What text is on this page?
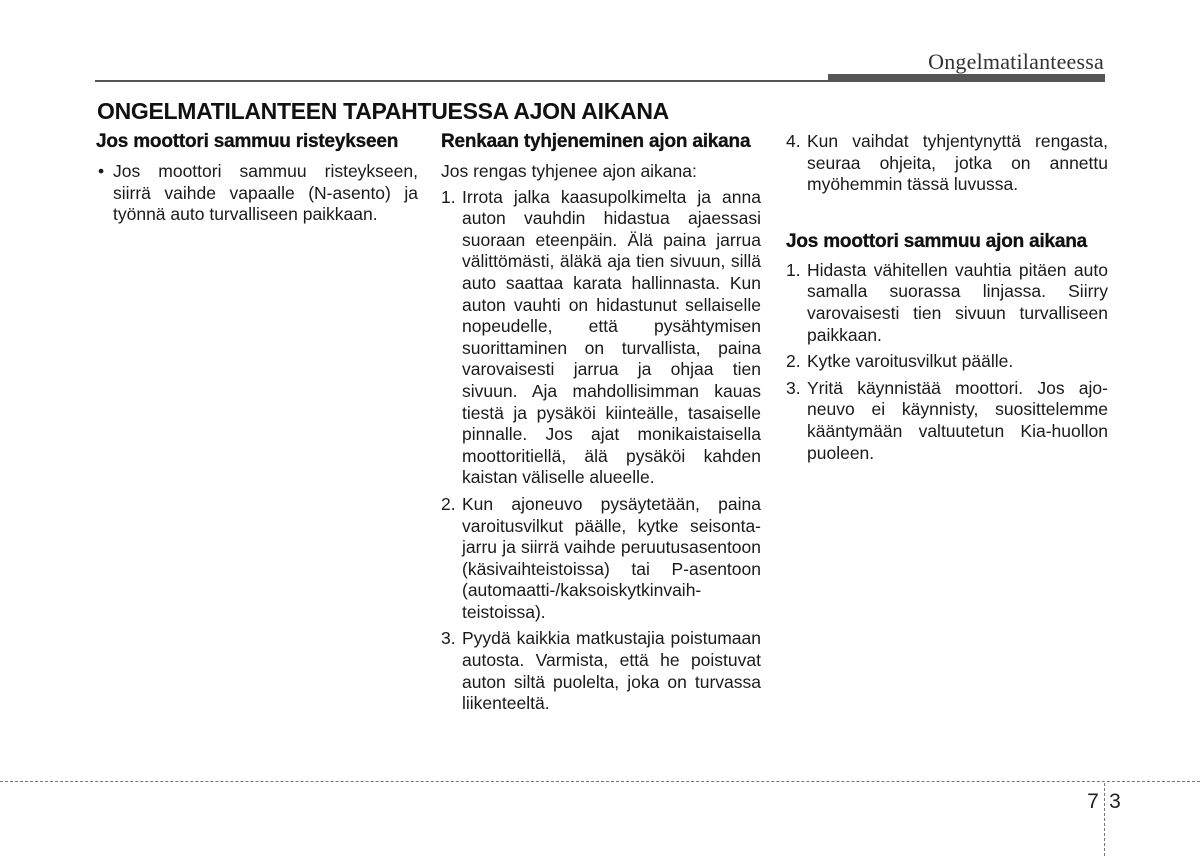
Ongelmatilanteessa
ONGELMATILANTEEN TAPAHTUESSA AJON AIKANA
Jos moottori sammuu risteykseen
• Jos moottori sammuu risteykseen, siirrä vaihde vapaalle (N-asento) ja työnnä auto turvalliseen paikkaan.
Renkaan tyhjeneminen ajon aikana

Jos rengas tyhjenee ajon aikana:

1. Irrota jalka kaasupolkimelta ja anna auton vauhdin hidastua ajaessasi suoraan eteenpäin. Älä paina jarrua välittömästi, äläkä aja tien sivuun, sillä auto saattaa karata hallinnasta. Kun auton vauhti on hidastunut sellaiselle nopeudelle, että pysähtymisen suorittaminen on turvallista, paina varovaisesti jarrua ja ohjaa tien sivuun. Aja mahdollisimman kauas tiestä ja pysäköi kiinteälle, tasaiselle pinnalle. Jos ajat monikaistaisella moottoritiellä, älä pysäköi kahden kaistan väliselle alueelle.
2. Kun ajoneuvo pysäytetään, paina varoitusvilkut päälle, kytke seisontajarru ja siirrä vaihde peruutusasentoon (käsivaihteistoissa) tai P-asentoon (automaatti-/kaksoiskytkinvaihteistoissa).
3. Pyydä kaikkia matkustajia poistumaan autosta. Varmista, että he poistuvat auton siltä puolelta, joka on turvassa liikenteeltä.
4. Kun vaihdat tyhjentynyttä rengasta, seuraa ohjeita, jotka on annettu myöhemmin tässä luvussa.
Jos moottori sammuu ajon aikana
1. Hidasta vähitellen vauhtia pitäen auto samalla suorassa linjassa. Siirry varovaisesti tien sivuun turvalliseen paikkaan.
2. Kytke varoitusvilkut päälle.
3. Yritä käynnistää moottori. Jos ajoneuvo ei käynnisty, suosittelemme kääntymään valtuutetun Kia-huollon puoleen.
7 3
